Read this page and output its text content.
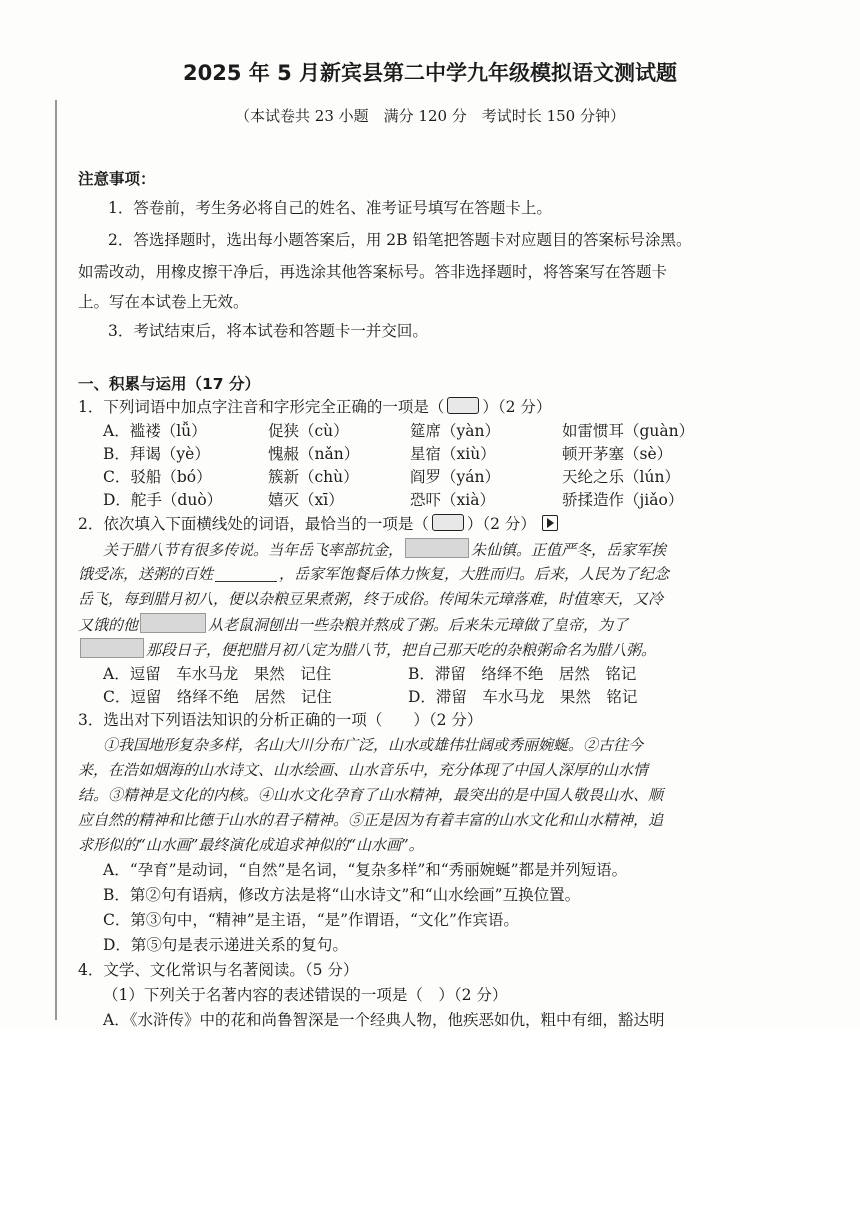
2025 年 5 月新宾县第二中学九年级模拟语文测试题
（本试卷共 23 小题　满分 120 分　考试时长 150 分钟）
注意事项：
1．答卷前，考生务必将自己的姓名、准考证号填写在答题卡上。
2．答选择题时，选出每小题答案后，用 2B 铅笔把答题卡对应题目的答案标号涂黑。
如需改动，用橡皮擦干净后，再选涂其他答案标号。答非选择题时，将答案写在答题卡
上。写在本试卷上无效。
3．考试结束后，将本试卷和答题卡一并交回。
一、积累与运用（17 分）
1．下列词语中加点字注音和字形完全正确的一项是（ ）（2 分）
A．褴褛（lǚ）	促狭（cù）	筵席（yàn）	如雷惯耳（guàn）
B．拜谒（yè）	愧赧（nǎn）	星宿（xiù）	顿开茅塞（sè）
C．驳船（bó）	簇新（chù）	阎罗（yán）	天纶之乐（lún）
D．舵手（duò）	嬉灭（xī）	恐吓（xià）	骄揉造作（jiǎo）
2．依次填入下面横线处的词语，最恰当的一项是（ ）（2 分）
关于腊八节有很多传说。当年岳飞率部抗金，	朱仙镇。正值严冬，岳家军挨
饿受冻，送粥的百姓	，岳家军饱餐后体力恢复，大胜而归。后来，人民为了纪念
岳飞，每到腊月初八，便以杂粮豆果煮粥，终于成俗。传闻朱元璋落难，时值寒天，又冷
又饿的他	从老鼠洞刨出一些杂粮并熬成了粥。后来朱元璋做了皇帝，为了
那段日子，便把腊月初八定为腊八节，把自己那天吃的杂粮粥命名为腊八粥。
A．逗留　车水马龙　果然　记住	B．滞留　络绎不绝　居然　铭记
C．逗留　络绎不绝　居然　记住	D．滞留　车水马龙　果然　铭记
3．选出对下列语法知识的分析正确的一项（　　）（2 分）
①我国地形复杂多样，名山大川分布广泛，山水或雄伟壮阔或秀丽婉蜒。②古往今
来，在浩如烟海的山水诗文、山水绘画、山水音乐中，充分体现了中国人深厚的山水情
结。③精神是文化的内核。④山水文化孕育了山水精神，最突出的是中国人敬畏山水、顺
应自然的精神和比德于山水的君子精神。⑤正是因为有着丰富的山水文化和山水精神，追
求形似的“山水画”最终演化成追求神似的“山水画”。
A．“孕育”是动词，“自然”是名词，“复杂多样”和“秀丽婉蜒”都是并列短语。
B．第②句有语病，修改方法是将“山水诗文”和“山水绘画”互换位置。
C．第③句中，“精神”是主语，“是”作谓语，“文化”作宾语。
D．第⑤句是表示递进关系的复句。
4．文学、文化常识与名著阅读。（5 分）
（1）下列关于名著内容的表述错误的一项是（　）（2 分）
A．《水浒传》中的花和尚鲁智深是一个经典人物，他疾恶如仇，粗中有细，豁达明
